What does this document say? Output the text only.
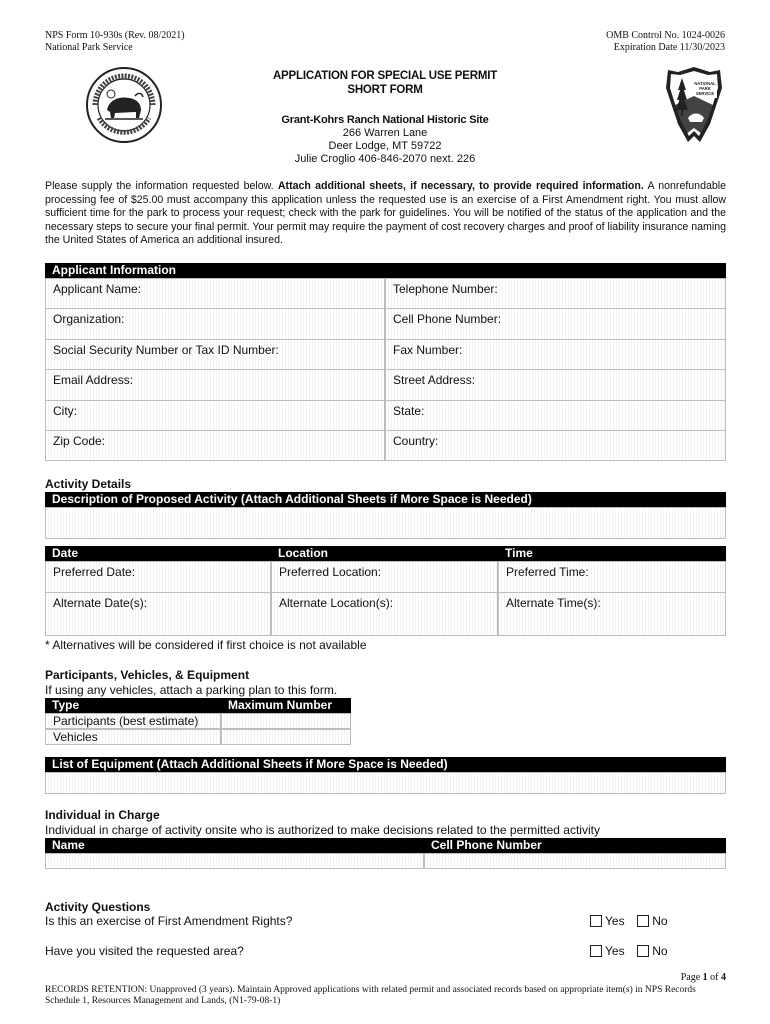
NPS Form 10-930s (Rev. 08/2021)
National Park Service
OMB Control No. 1024-0026
Expiration Date 11/30/2023
NATIONAL
PARK
SERVICE
APPLICATION FOR SPECIAL USE PERMIT
SHORT FORM
Grant-Kohrs Ranch National Historic Site
266 Warren Lane
Deer Lodge, MT 59722
Julie Croglio 406-846-2070 next. 226
Please supply the information requested below. Attach additional sheets, if necessary, to provide required information. A nonrefundable processing fee of $25.00 must accompany this application unless the requested use is an exercise of a First Amendment right. You must allow sufficient time for the park to process your request; check with the park for guidelines. You will be notified of the status of the application and the necessary steps to secure your final permit. Your permit may require the payment of cost recovery charges and proof of liability insurance naming the United States of America an additional insured.
Applicant Information
Applicant Name:	Telephone Number:
Organization:	Cell Phone Number:
Social Security Number or Tax ID Number:	Fax Number:
Email Address:	Street Address:
City:	State:
Zip Code:	Country:
Activity Details
Description of Proposed Activity (Attach Additional Sheets if More Space is Needed)
Date	Location	Time
Preferred Date:	Preferred Location:	Preferred Time:
Alternate Date(s):	Alternate Location(s):	Alternate Time(s):
* Alternatives will be considered if first choice is not available
Participants, Vehicles, & Equipment
If using any vehicles, attach a parking plan to this form.
Type	Maximum Number
Participants (best estimate)
Vehicles
List of Equipment (Attach Additional Sheets if More Space is Needed)
Individual in Charge
Individual in charge of activity onsite who is authorized to make decisions related to the permitted activity
Name	Cell Phone Number
Activity Questions
Is this an exercise of First Amendment Rights?	Yes No
Have you visited the requested area?	Yes No
Page 1 of 4
RECORDS RETENTION: Unapproved (3 years). Maintain Approved applications with related permit and associated records based on appropriate item(s) in NPS Records Schedule 1, Resources Management and Lands, (N1-79-08-1)
